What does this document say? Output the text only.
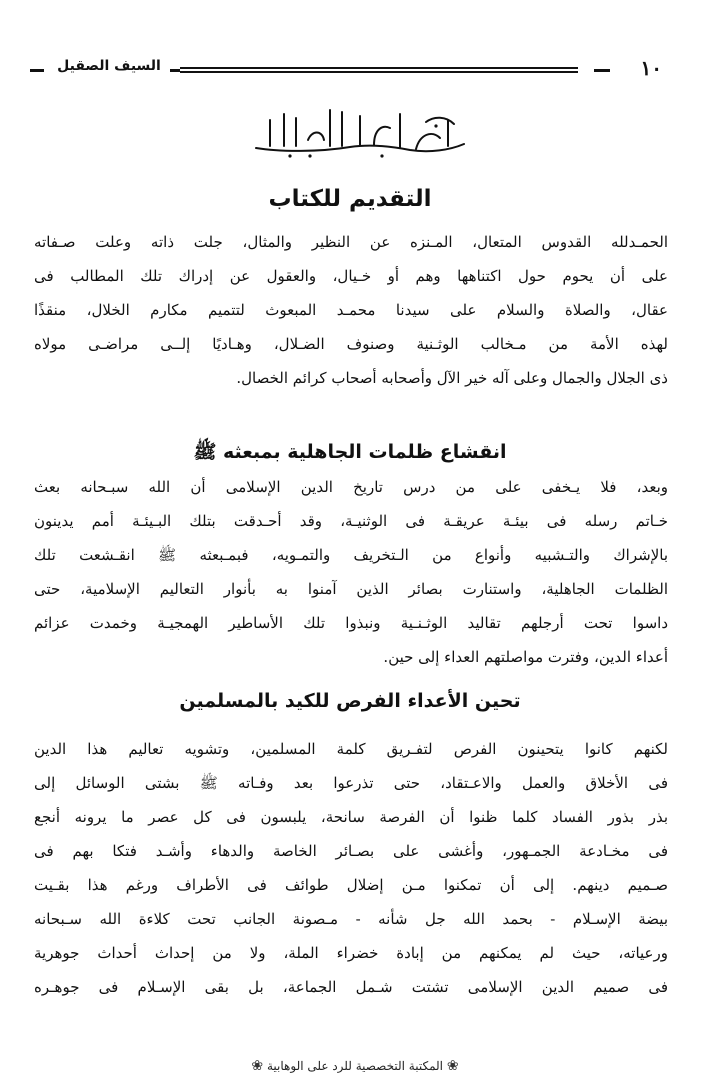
١٠
السيف الصقيل
التقديم للكتاب
الحمـدلله القدوس المتعال، المـنزه عن النظير والمثال، جلت ذاته وعلت صـفاته
على أن يحوم حول اكتناهها وهم أو خـيال، والعقول عن إدراك تلك المطالب فى
عقال، والصلاة والسلام على سيدنا محمـد المبعوث لتتميم مكارم الخلال، منقذًا
لهذه الأمة من مـخالب الوثـنية وصنوف الضـلال، وهـاديًا إلــى مراضـى مولاه
ذى الجلال والجمال وعلى آله خير الآل وأصحابه أصحاب كرائم الخصال.
انقشاع ظلمات الجاهلية بمبعثه ﷺ
وبعد، فلا يـخفى على من درس تاريخ الدين الإسلامى أن الله سبـحانه بعث
خـاتم رسله فى بيئـة عريقـة فى الوثنيـة، وقد أحـدقت بتلك البـيئـة أمم يدينون
بالإشراك والتـشبيه وأنواع من الـتخريف والتمـويه، فبمـبعثه ﷺ انقـشعت تلك
الظلمات الجاهلية، واستنارت بصائر الذين آمنوا به بأنوار التعاليم الإسلامية، حتى
داسوا تحت أرجلهم تقاليد الوثـنـية ونبذوا تلك الأساطير الهمجيـة وخمدت عزائم
أعداء الدين، وفترت مواصلتهم العداء إلى حين.
تحين الأعداء الفرص للكيد بالمسلمين
لكنهم كانوا يتحينون الفرص لتفـريق كلمة المسلمين، وتشويه تعاليم هذا الدين
فى الأخلاق والعمل والاعـتقاد، حتى تذرعوا بعد وفـاته ﷺ بشتى الوسائل إلى
بذر بذور الفساد كلما ظنوا أن الفرصة سانحة، يلبسون فى كل عصر ما يرونه أنجع
فى مخـادعة الجمـهور، وأغشى على بصـائر الخاصة والدهاء وأشـد فتكا بهم فى
صـميم دينهم. إلى أن تمكنوا مـن إضلال طوائف فى الأطراف ورغم هذا بقـيت
بيضة الإسـلام - بحمد الله جل شأنه - مـصونة الجانب تحت كلاءة الله سـبحانه
ورعياته، حيث لم يمكنهم من إبادة خضراء الملة، ولا من إحداث أحداث جوهرية
فى صميم الدين الإسلامى تشتت شـمل الجماعة، بل بقى الإسـلام فى جوهـره
❀ المكتبة التخصصية للرد على الوهابية ❀
